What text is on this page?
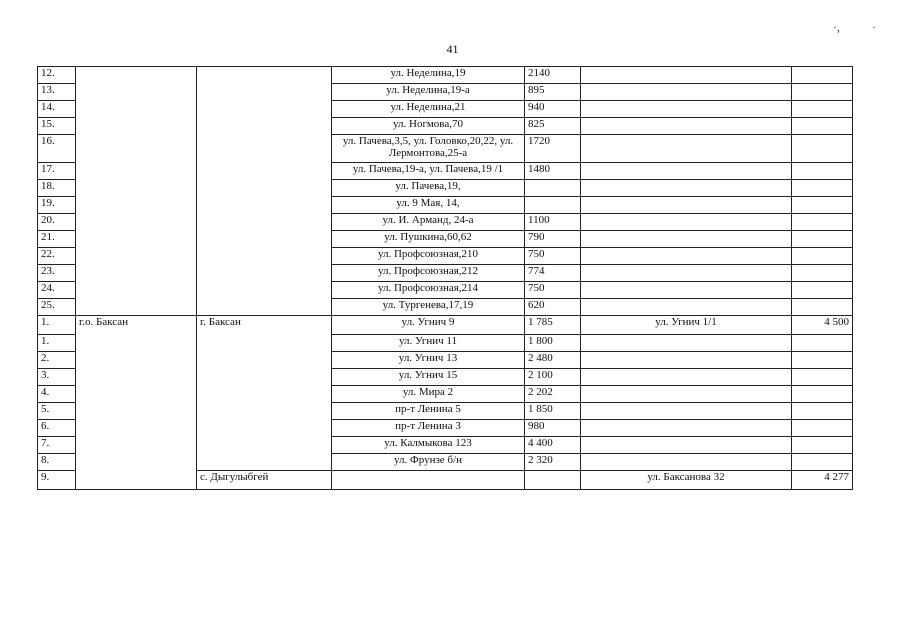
41
·,	·
12.			ул. Неделина,19	2140		
13.			ул. Неделина,19-а	895		
14.			ул. Неделина,21	940		
15.			ул. Ногмова,70	825		
16.			ул. Пачева,3,5, ул. Головко,20,22, ул. Лермонтова,25-а	1720		
17.			ул. Пачева,19-а, ул. Пачева,19 /1	1480		
18.			ул. Пачева,19,			
19.			ул. 9 Мая, 14,			
20.			ул. И. Арманд, 24-а	1100		
21.			ул. Пушкина,60,62	790		
22.			ул. Профсоюзная,210	750		
23.			ул. Профсоюзная,212	774		
24.			ул. Профсоюзная,214	750		
25.			ул. Тургенева,17,19	620		
1.	г.о. Баксан	г. Баксан	ул. Угнич 9	1 785	ул. Угнич 1/1	4 500
1.			ул. Угнич 11	1 800		
2.			ул. Угнич 13	2 480		
3.			ул. Угнич 15	2 100		
4.			ул. Мира 2	2 202		
5.			пр-т Ленина 5	1 850		
6.			пр-т Ленина 3	980		
7.			ул. Калмыкова 123	4 400		
8.			ул. Фрунзе б/н	2 320		
9.		с. Дыгулыбгей			ул. Баксанова 32	4 277
